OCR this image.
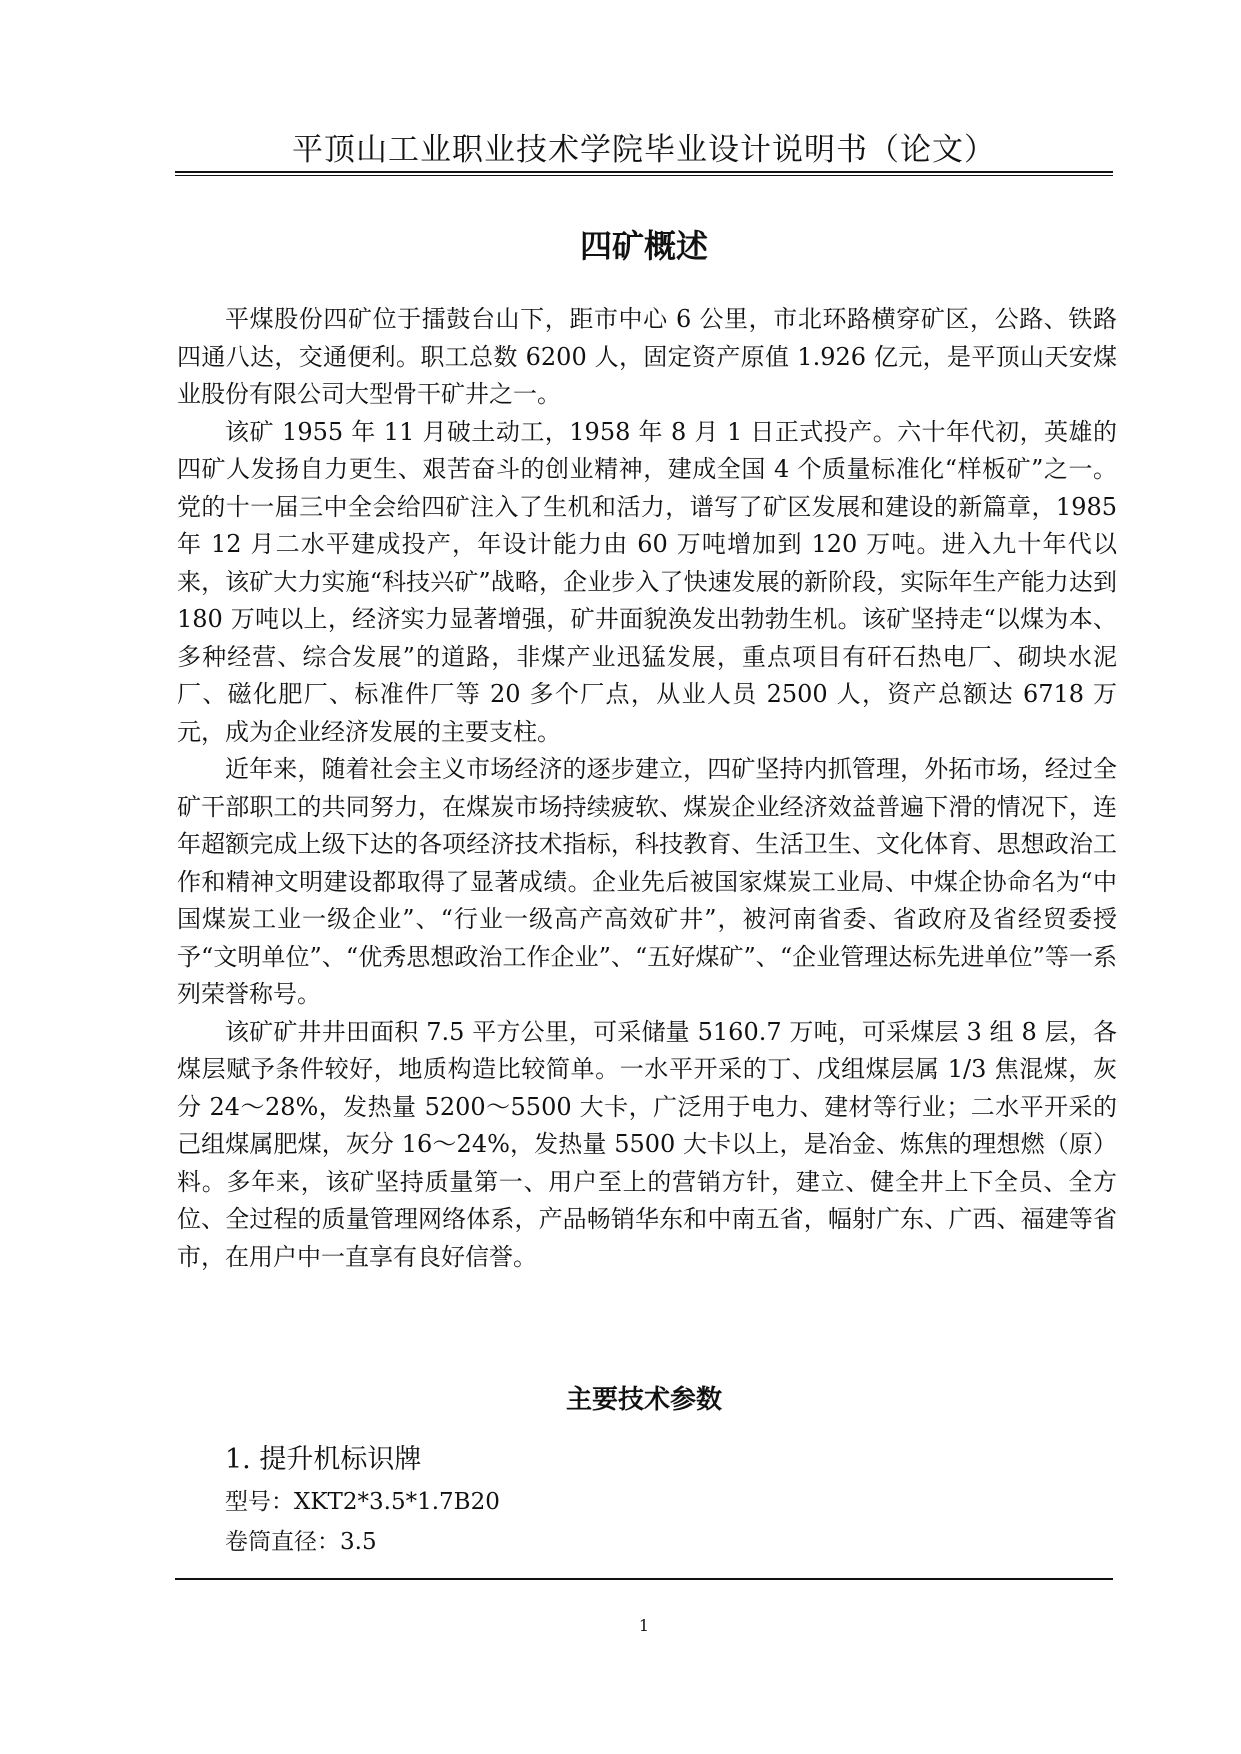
平顶山工业职业技术学院毕业设计说明书（论文）
四矿概述

平煤股份四矿位于擂鼓台山下，距市中心 6 公里，市北环路横穿矿区，公路、铁路四通八达，交通便利。职工总数 6200 人，固定资产原值 1.926 亿元，是平顶山天安煤业股份有限公司大型骨干矿井之一。

该矿 1955 年 11 月破土动工，1958 年 8 月 1 日正式投产。六十年代初，英雄的四矿人发扬自力更生、艰苦奋斗的创业精神，建成全国 4 个质量标准化“样板矿”之一。党的十一届三中全会给四矿注入了生机和活力，谱写了矿区发展和建设的新篇章，1985 年 12 月二水平建成投产，年设计能力由 60 万吨增加到 120 万吨。进入九十年代以来，该矿大力实施“科技兴矿”战略，企业步入了快速发展的新阶段，实际年生产能力达到 180 万吨以上，经济实力显著增强，矿井面貌涣发出勃勃生机。该矿坚持走“以煤为本、多种经营、综合发展”的道路，非煤产业迅猛发展，重点项目有矸石热电厂、砌块水泥厂、磁化肥厂、标准件厂等 20 多个厂点，从业人员 2500 人，资产总额达 6718 万元，成为企业经济发展的主要支柱。

近年来，随着社会主义市场经济的逐步建立，四矿坚持内抓管理，外拓市场，经过全矿干部职工的共同努力，在煤炭市场持续疲软、煤炭企业经济效益普遍下滑的情况下，连年超额完成上级下达的各项经济技术指标，科技教育、生活卫生、文化体育、思想政治工作和精神文明建设都取得了显著成绩。企业先后被国家煤炭工业局、中煤企协命名为“中国煤炭工业一级企业”、“行业一级高产高效矿井”，被河南省委、省政府及省经贸委授予“文明单位”、“优秀思想政治工作企业”、“五好煤矿”、“企业管理达标先进单位”等一系列荣誉称号。

该矿矿井井田面积 7.5 平方公里，可采储量 5160.7 万吨，可采煤层 3 组 8 层，各煤层赋予条件较好，地质构造比较简单。一水平开采的丁、戊组煤层属 1/3 焦混煤，灰分 24～28%，发热量 5200～5500 大卡，广泛用于电力、建材等行业；二水平开采的己组煤属肥煤，灰分 16～24%，发热量 5500 大卡以上，是冶金、炼焦的理想燃（原）料。多年来，该矿坚持质量第一、用户至上的营销方针，建立、健全井上下全员、全方位、全过程的质量管理网络体系，产品畅销华东和中南五省，幅射广东、广西、福建等省市，在用户中一直享有良好信誉。

主要技术参数
1. 提升机标识牌
型号：XKT2*3.5*1.7B20
卷筒直径：3.5
1
